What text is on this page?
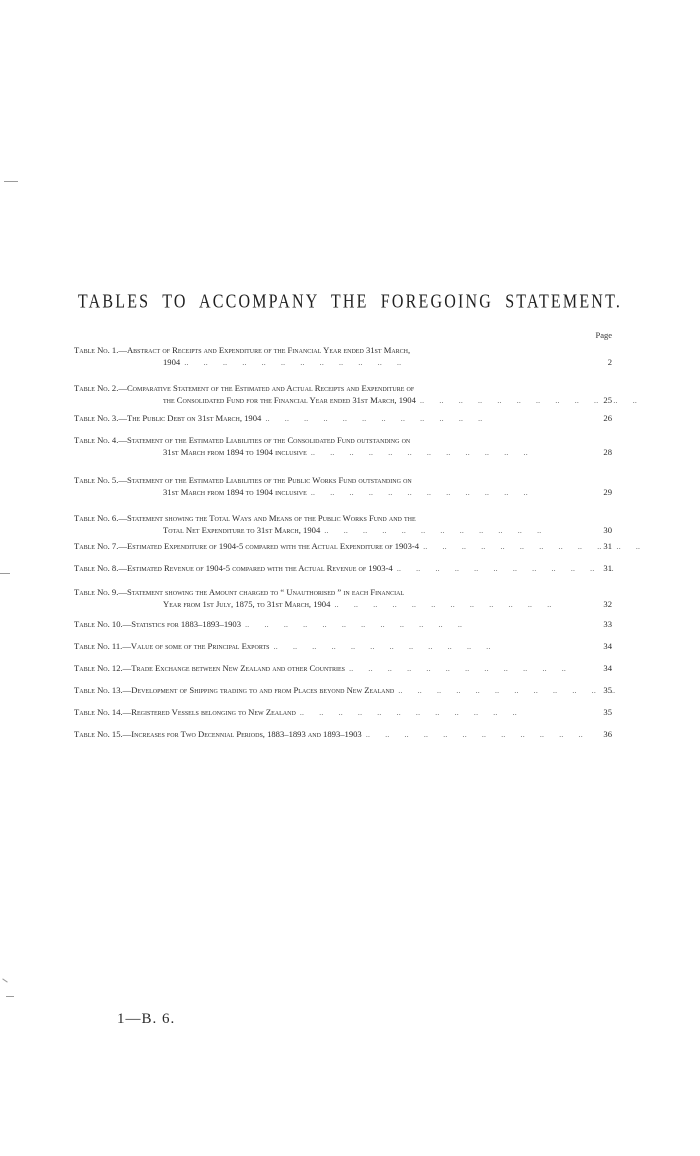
TABLES TO ACCOMPANY THE FOREGOING STATEMENT.
Page
Table No. 1.— Abstract of Receipts and Expenditure of the Financial Year ended 31st March,
1904 ..	2
Table No. 2.— Comparative Statement of the Estimated and Actual Receipts and Expenditure of
the Consolidated Fund for the Financial Year ended 31st March, 1904 ..	25
Table No. 3.— The Public Debt on 31st March, 1904 ..	26
Table No. 4.— Statement of the Estimated Liabilities of the Consolidated Fund outstanding on
31st March from 1894 to 1904 inclusive ..	28
Table No. 5.— Statement of the Estimated Liabilities of the Public Works Fund outstanding on
31st March from 1894 to 1904 inclusive ..	29
Table No. 6.— Statement showing the Total Ways and Means of the Public Works Fund and the
Total Net Expenditure to 31st March, 1904 ..	30
Table No. 7.— Estimated Expenditure of 1904-5 compared with the Actual Expenditure of 1903-4 ..	31
Table No. 8.— Estimated Revenue of 1904-5 compared with the Actual Revenue of 1903-4 ..	31
Table No. 9.— Statement showing the Amount charged to “ Unauthorised ” in each Financial
Year from 1st July, 1875, to 31st March, 1904 ..	32
Table No. 10.— Statistics for 1883–1893–1903 ..	33
Table No. 11.— Value of some of the Principal Exports ..	34
Table No. 12.— Trade Exchange between New Zealand and other Countries ..	34
Table No. 13.— Development of Shipping trading to and from Places beyond New Zealand ..	35
Table No. 14.— Registered Vessels belonging to New Zealand ..	35
Table No. 15.— Increases for Two Decennial Periods, 1883–1893 and 1893–1903 ..	36
1—B. 6.
